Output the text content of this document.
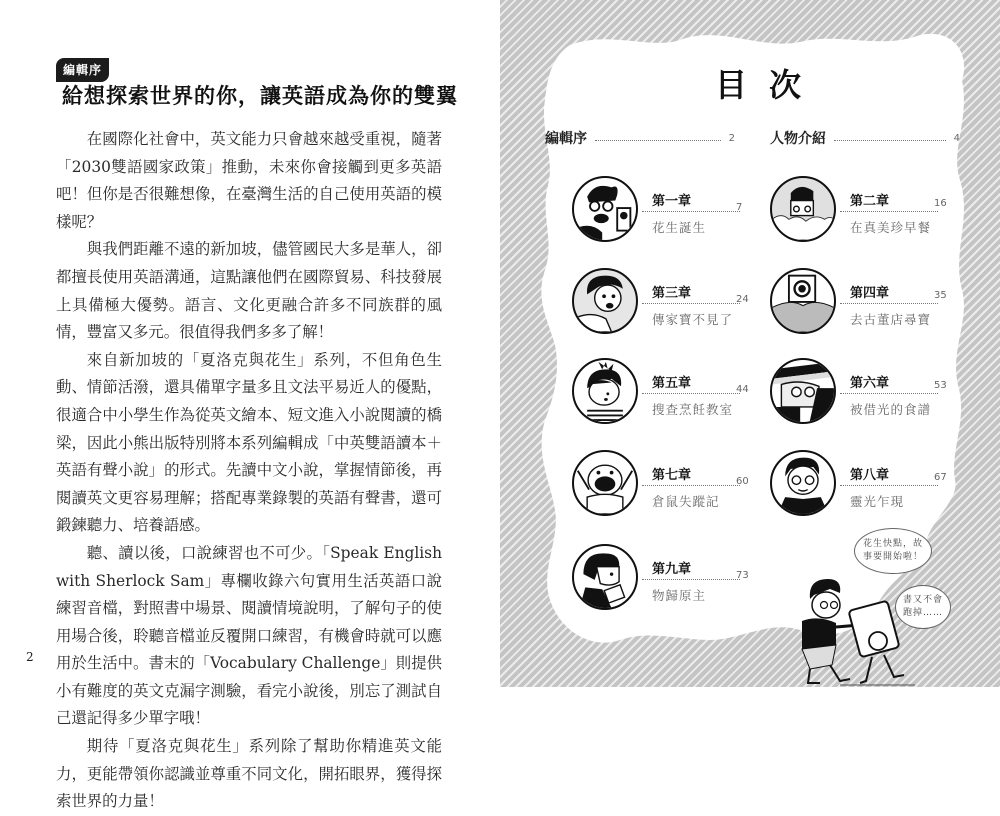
編輯序
給想探索世界的你，讓英語成為你的雙翼

在國際化社會中，英文能力只會越來越受重視，隨著「2030雙語國家政策」推動，未來你會接觸到更多英語吧！但你是否很難想像，在臺灣生活的自己使用英語的模樣呢？

與我們距離不遠的新加坡，儘管國民大多是華人，卻都擅長使用英語溝通，這點讓他們在國際貿易、科技發展上具備極大優勢。語言、文化更融合許多不同族群的風情，豐富又多元。很值得我們多多了解！

來自新加坡的「夏洛克與花生」系列，不但角色生動、情節活潑，還具備單字量多且文法平易近人的優點，很適合中小學生作為從英文繪本、短文進入小說閱讀的橋梁，因此小熊出版特別將本系列編輯成「中英雙語讀本＋英語有聲小說」的形式。先讀中文小說，掌握情節後，再閱讀英文更容易理解；搭配專業錄製的英語有聲書，還可鍛鍊聽力、培養語感。

聽、讀以後，口說練習也不可少。「Speak English with Sherlock Sam」專欄收錄六句實用生活英語口說練習音檔，對照書中場景、閱讀情境說明，了解句子的使用場合後，聆聽音檔並反覆開口練習，有機會時就可以應用於生活中。書末的「Vocabulary Challenge」則提供小有難度的英文克漏字測驗，看完小說後，別忘了測試自己還記得多少單字哦！

期待「夏洛克與花生」系列除了幫助你精進英文能力，更能帶領你認識並尊重不同文化，開拓眼界，獲得探索世界的力量！

2
目次
編輯序	2	人物介紹	4
第一章	7
花生誕生
第二章	16
在真美珍早餐
第三章	24
傳家寶不見了
第四章	35
去古董店尋寶
第五章	44
搜查烹飪教室
第六章	53
被借光的食譜
第七章	60
倉鼠失蹤記
第八章	67
靈光乍現
第九章	73
物歸原主
花生快點，故事要開始啦！
書又不會跑掉……
